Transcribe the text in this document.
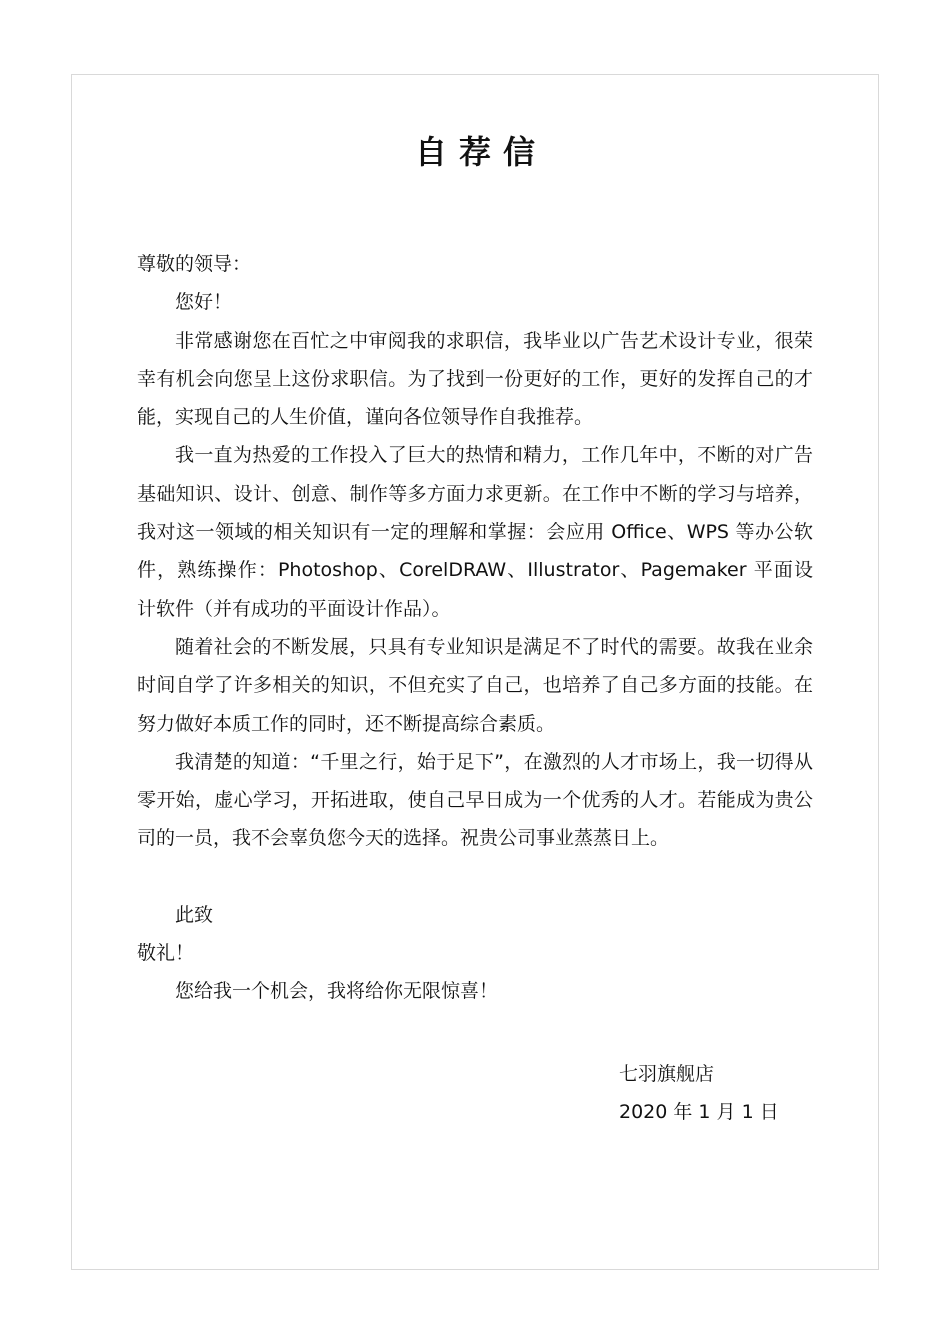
自荐信

尊敬的领导：

您好！

非常感谢您在百忙之中审阅我的求职信，我毕业以广告艺术设计专业，很荣幸有机会向您呈上这份求职信。为了找到一份更好的工作，更好的发挥自己的才能，实现自己的人生价值，谨向各位领导作自我推荐。

我一直为热爱的工作投入了巨大的热情和精力，工作几年中，不断的对广告基础知识、设计、创意、制作等多方面力求更新。在工作中不断的学习与培养，我对这一领域的相关知识有一定的理解和掌握：会应用 Office、WPS 等办公软件，熟练操作：Photoshop、CorelDRAW、Illustrator、Pagemaker 平面设计软件（并有成功的平面设计作品）。

随着社会的不断发展，只具有专业知识是满足不了时代的需要。故我在业余时间自学了许多相关的知识，不但充实了自己，也培养了自己多方面的技能。在努力做好本质工作的同时，还不断提高综合素质。

我清楚的知道：“千里之行，始于足下”，在激烈的人才市场上，我一切得从零开始，虚心学习，开拓进取，使自己早日成为一个优秀的人才。若能成为贵公司的一员，我不会辜负您今天的选择。祝贵公司事业蒸蒸日上。

此致

敬礼！

您给我一个机会，我将给你无限惊喜！

七羽旗舰店

2020 年 1 月 1 日
